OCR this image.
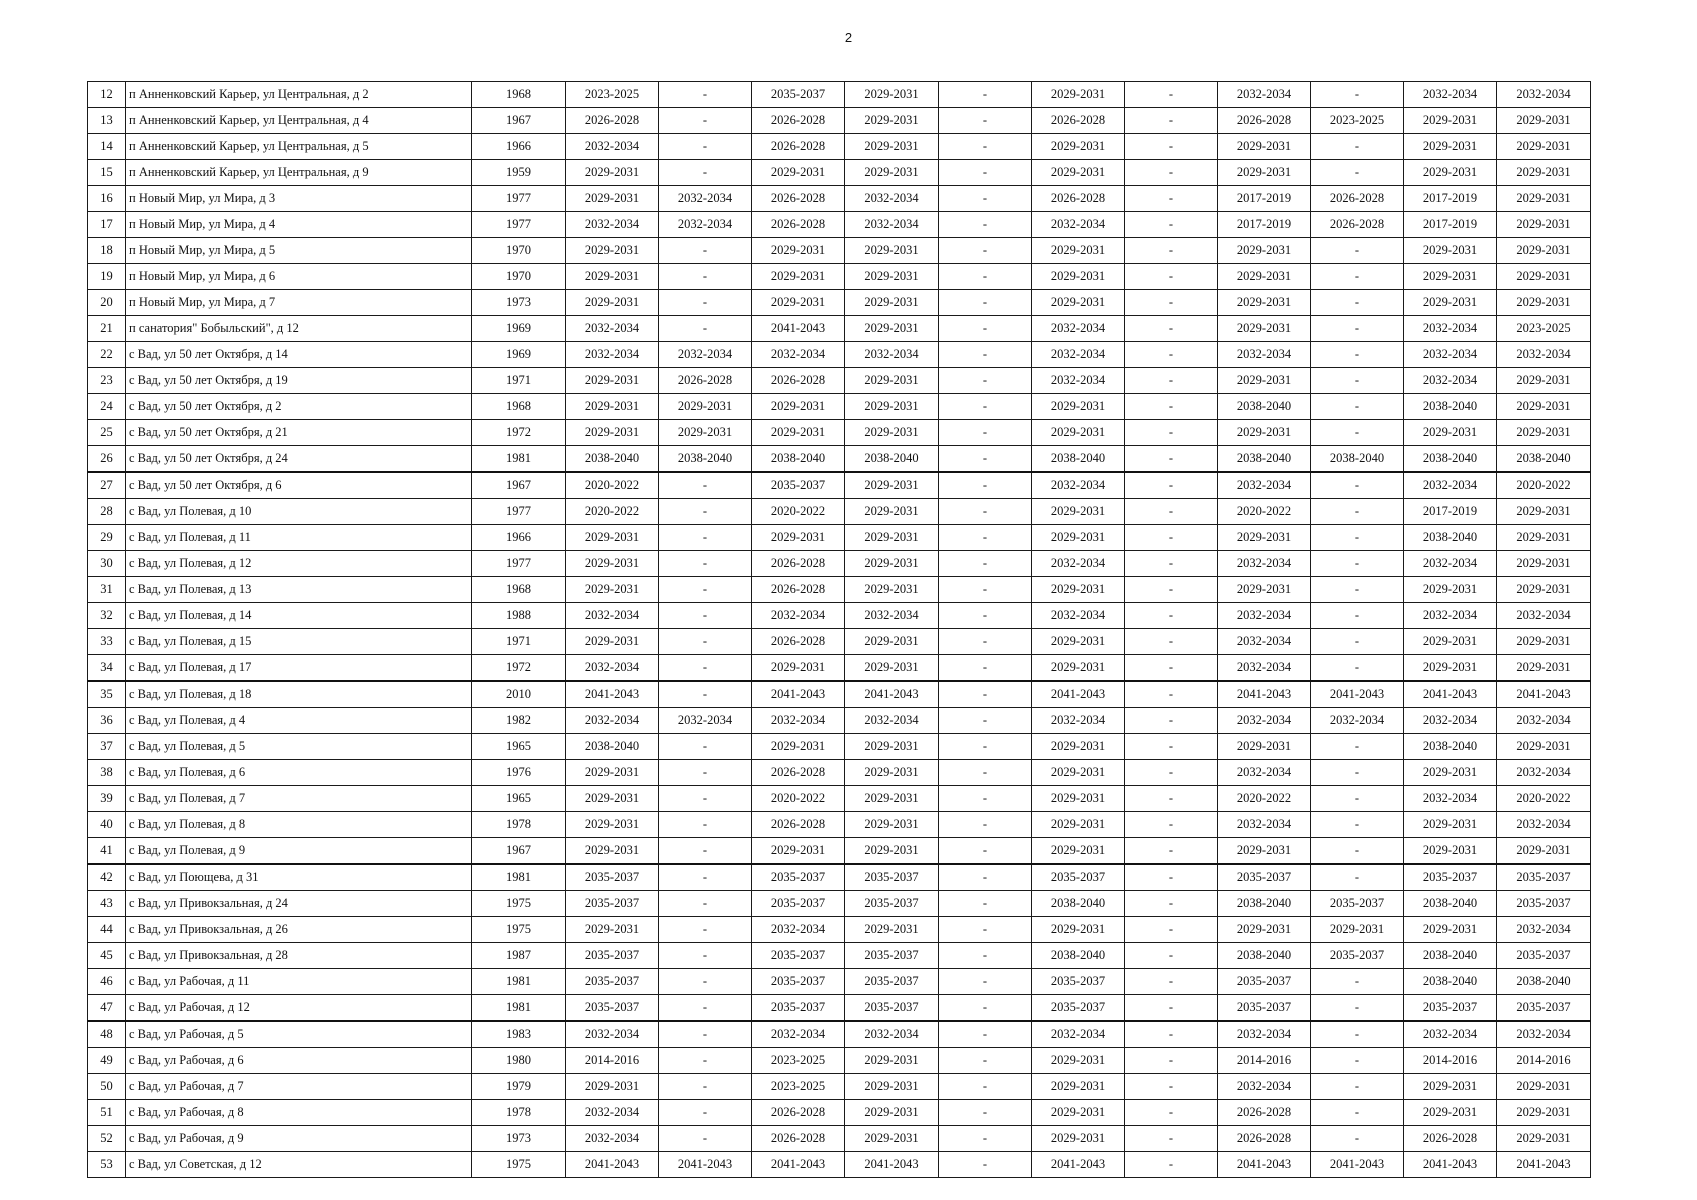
2
12	п Анненковский Карьер, ул Центральная, д 2	1968	2023-2025	-	2035-2037	2029-2031	-	2029-2031	-	2032-2034	-	2032-2034	2032-2034
13	п Анненковский Карьер, ул Центральная, д 4	1967	2026-2028	-	2026-2028	2029-2031	-	2026-2028	-	2026-2028	2023-2025	2029-2031	2029-2031
14	п Анненковский Карьер, ул Центральная, д 5	1966	2032-2034	-	2026-2028	2029-2031	-	2029-2031	-	2029-2031	-	2029-2031	2029-2031
15	п Анненковский Карьер, ул Центральная, д 9	1959	2029-2031	-	2029-2031	2029-2031	-	2029-2031	-	2029-2031	-	2029-2031	2029-2031
16	п Новый Мир, ул Мира, д 3	1977	2029-2031	2032-2034	2026-2028	2032-2034	-	2026-2028	-	2017-2019	2026-2028	2017-2019	2029-2031
17	п Новый Мир, ул Мира, д 4	1977	2032-2034	2032-2034	2026-2028	2032-2034	-	2032-2034	-	2017-2019	2026-2028	2017-2019	2029-2031
18	п Новый Мир, ул Мира, д 5	1970	2029-2031	-	2029-2031	2029-2031	-	2029-2031	-	2029-2031	-	2029-2031	2029-2031
19	п Новый Мир, ул Мира, д 6	1970	2029-2031	-	2029-2031	2029-2031	-	2029-2031	-	2029-2031	-	2029-2031	2029-2031
20	п Новый Мир, ул Мира, д 7	1973	2029-2031	-	2029-2031	2029-2031	-	2029-2031	-	2029-2031	-	2029-2031	2029-2031
21	п санатория" Бобыльский", д 12	1969	2032-2034	-	2041-2043	2029-2031	-	2032-2034	-	2029-2031	-	2032-2034	2023-2025
22	с Вад, ул 50 лет Октября, д 14	1969	2032-2034	2032-2034	2032-2034	2032-2034	-	2032-2034	-	2032-2034	-	2032-2034	2032-2034
23	с Вад, ул 50 лет Октября, д 19	1971	2029-2031	2026-2028	2026-2028	2029-2031	-	2032-2034	-	2029-2031	-	2032-2034	2029-2031
24	с Вад, ул 50 лет Октября, д 2	1968	2029-2031	2029-2031	2029-2031	2029-2031	-	2029-2031	-	2038-2040	-	2038-2040	2029-2031
25	с Вад, ул 50 лет Октября, д 21	1972	2029-2031	2029-2031	2029-2031	2029-2031	-	2029-2031	-	2029-2031	-	2029-2031	2029-2031
26	с Вад, ул 50 лет Октября, д 24	1981	2038-2040	2038-2040	2038-2040	2038-2040	-	2038-2040	-	2038-2040	2038-2040	2038-2040	2038-2040
27	с Вад, ул 50 лет Октября, д 6	1967	2020-2022	-	2035-2037	2029-2031	-	2032-2034	-	2032-2034	-	2032-2034	2020-2022
28	с Вад, ул Полевая, д 10	1977	2020-2022	-	2020-2022	2029-2031	-	2029-2031	-	2020-2022	-	2017-2019	2029-2031
29	с Вад, ул Полевая, д 11	1966	2029-2031	-	2029-2031	2029-2031	-	2029-2031	-	2029-2031	-	2038-2040	2029-2031
30	с Вад, ул Полевая, д 12	1977	2029-2031	-	2026-2028	2029-2031	-	2032-2034	-	2032-2034	-	2032-2034	2029-2031
31	с Вад, ул Полевая, д 13	1968	2029-2031	-	2026-2028	2029-2031	-	2029-2031	-	2029-2031	-	2029-2031	2029-2031
32	с Вад, ул Полевая, д 14	1988	2032-2034	-	2032-2034	2032-2034	-	2032-2034	-	2032-2034	-	2032-2034	2032-2034
33	с Вад, ул Полевая, д 15	1971	2029-2031	-	2026-2028	2029-2031	-	2029-2031	-	2032-2034	-	2029-2031	2029-2031
34	с Вад, ул Полевая, д 17	1972	2032-2034	-	2029-2031	2029-2031	-	2029-2031	-	2032-2034	-	2029-2031	2029-2031
35	с Вад, ул Полевая, д 18	2010	2041-2043	-	2041-2043	2041-2043	-	2041-2043	-	2041-2043	2041-2043	2041-2043	2041-2043
36	с Вад, ул Полевая, д 4	1982	2032-2034	2032-2034	2032-2034	2032-2034	-	2032-2034	-	2032-2034	2032-2034	2032-2034	2032-2034
37	с Вад, ул Полевая, д 5	1965	2038-2040	-	2029-2031	2029-2031	-	2029-2031	-	2029-2031	-	2038-2040	2029-2031
38	с Вад, ул Полевая, д 6	1976	2029-2031	-	2026-2028	2029-2031	-	2029-2031	-	2032-2034	-	2029-2031	2032-2034
39	с Вад, ул Полевая, д 7	1965	2029-2031	-	2020-2022	2029-2031	-	2029-2031	-	2020-2022	-	2032-2034	2020-2022
40	с Вад, ул Полевая, д 8	1978	2029-2031	-	2026-2028	2029-2031	-	2029-2031	-	2032-2034	-	2029-2031	2032-2034
41	с Вад, ул Полевая, д 9	1967	2029-2031	-	2029-2031	2029-2031	-	2029-2031	-	2029-2031	-	2029-2031	2029-2031
42	с Вад, ул Поющева, д 31	1981	2035-2037	-	2035-2037	2035-2037	-	2035-2037	-	2035-2037	-	2035-2037	2035-2037
43	с Вад, ул Привокзальная, д 24	1975	2035-2037	-	2035-2037	2035-2037	-	2038-2040	-	2038-2040	2035-2037	2038-2040	2035-2037
44	с Вад, ул Привокзальная, д 26	1975	2029-2031	-	2032-2034	2029-2031	-	2029-2031	-	2029-2031	2029-2031	2029-2031	2032-2034
45	с Вад, ул Привокзальная, д 28	1987	2035-2037	-	2035-2037	2035-2037	-	2038-2040	-	2038-2040	2035-2037	2038-2040	2035-2037
46	с Вад, ул Рабочая, д 11	1981	2035-2037	-	2035-2037	2035-2037	-	2035-2037	-	2035-2037	-	2038-2040	2038-2040
47	с Вад, ул Рабочая, д 12	1981	2035-2037	-	2035-2037	2035-2037	-	2035-2037	-	2035-2037	-	2035-2037	2035-2037
48	с Вад, ул Рабочая, д 5	1983	2032-2034	-	2032-2034	2032-2034	-	2032-2034	-	2032-2034	-	2032-2034	2032-2034
49	с Вад, ул Рабочая, д 6	1980	2014-2016	-	2023-2025	2029-2031	-	2029-2031	-	2014-2016	-	2014-2016	2014-2016
50	с Вад, ул Рабочая, д 7	1979	2029-2031	-	2023-2025	2029-2031	-	2029-2031	-	2032-2034	-	2029-2031	2029-2031
51	с Вад, ул Рабочая, д 8	1978	2032-2034	-	2026-2028	2029-2031	-	2029-2031	-	2026-2028	-	2029-2031	2029-2031
52	с Вад, ул Рабочая, д 9	1973	2032-2034	-	2026-2028	2029-2031	-	2029-2031	-	2026-2028	-	2026-2028	2029-2031
53	с Вад, ул Советская, д 12	1975	2041-2043	2041-2043	2041-2043	2041-2043	-	2041-2043	-	2041-2043	2041-2043	2041-2043	2041-2043
